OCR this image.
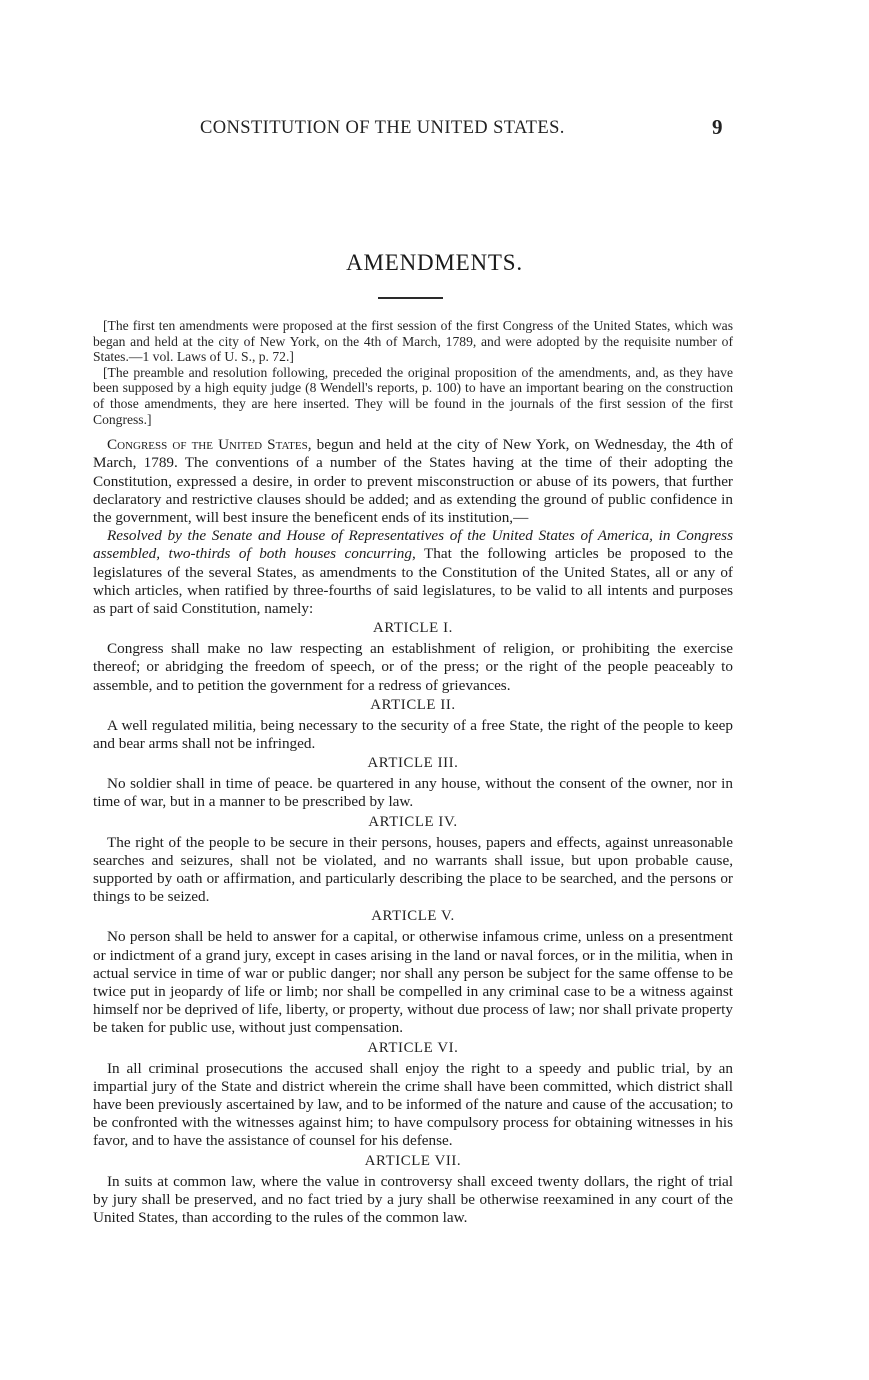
CONSTITUTION OF THE UNITED STATES.	9
AMENDMENTS.

[The first ten amendments were proposed at the first session of the first Congress of the United States, which was began and held at the city of New York, on the 4th of March, 1789, and were adopted by the requisite number of States.—1 vol. Laws of U. S., p. 72.]

[The preamble and resolution following, preceded the original proposition of the amendments, and, as they have been supposed by a high equity judge (8 Wendell's reports, p. 100) to have an important bearing on the construction of those amendments, they are here inserted. They will be found in the journals of the first session of the first Congress.]

Congress of the United States, begun and held at the city of New York, on Wednesday, the 4th of March, 1789. The conventions of a number of the States having at the time of their adopting the Constitution, expressed a desire, in order to prevent misconstruction or abuse of its powers, that further declaratory and restrictive clauses should be added; and as extending the ground of public confidence in the government, will best insure the beneficent ends of its institution,—

Resolved by the Senate and House of Representatives of the United States of America, in Congress assembled, two-thirds of both houses concurring, That the following articles be proposed to the legislatures of the several States, as amendments to the Constitution of the United States, all or any of which articles, when ratified by three-fourths of said legislatures, to be valid to all intents and purposes as part of said Constitution, namely:

ARTICLE I.

Congress shall make no law respecting an establishment of religion, or prohibiting the exercise thereof; or abridging the freedom of speech, or of the press; or the right of the people peaceably to assemble, and to petition the government for a redress of grievances.

ARTICLE II.

A well regulated militia, being necessary to the security of a free State, the right of the people to keep and bear arms shall not be infringed.

ARTICLE III.

No soldier shall in time of peace. be quartered in any house, without the consent of the owner, nor in time of war, but in a manner to be prescribed by law.

ARTICLE IV.

The right of the people to be secure in their persons, houses, papers and effects, against unreasonable searches and seizures, shall not be violated, and no warrants shall issue, but upon probable cause, supported by oath or affirmation, and particularly describing the place to be searched, and the persons or things to be seized.

ARTICLE V.

No person shall be held to answer for a capital, or otherwise infamous crime, unless on a presentment or indictment of a grand jury, except in cases arising in the land or naval forces, or in the militia, when in actual service in time of war or public danger; nor shall any person be subject for the same offense to be twice put in jeopardy of life or limb; nor shall be compelled in any criminal case to be a witness against himself nor be deprived of life, liberty, or property, without due process of law; nor shall private property be taken for public use, without just compensation.

ARTICLE VI.

In all criminal prosecutions the accused shall enjoy the right to a speedy and public trial, by an impartial jury of the State and district wherein the crime shall have been committed, which district shall have been previously ascertained by law, and to be informed of the nature and cause of the accusation; to be confronted with the witnesses against him; to have compulsory process for obtaining witnesses in his favor, and to have the assistance of counsel for his defense.

ARTICLE VII.

In suits at common law, where the value in controversy shall exceed twenty dollars, the right of trial by jury shall be preserved, and no fact tried by a jury shall be otherwise reexamined in any court of the United States, than according to the rules of the common law.
